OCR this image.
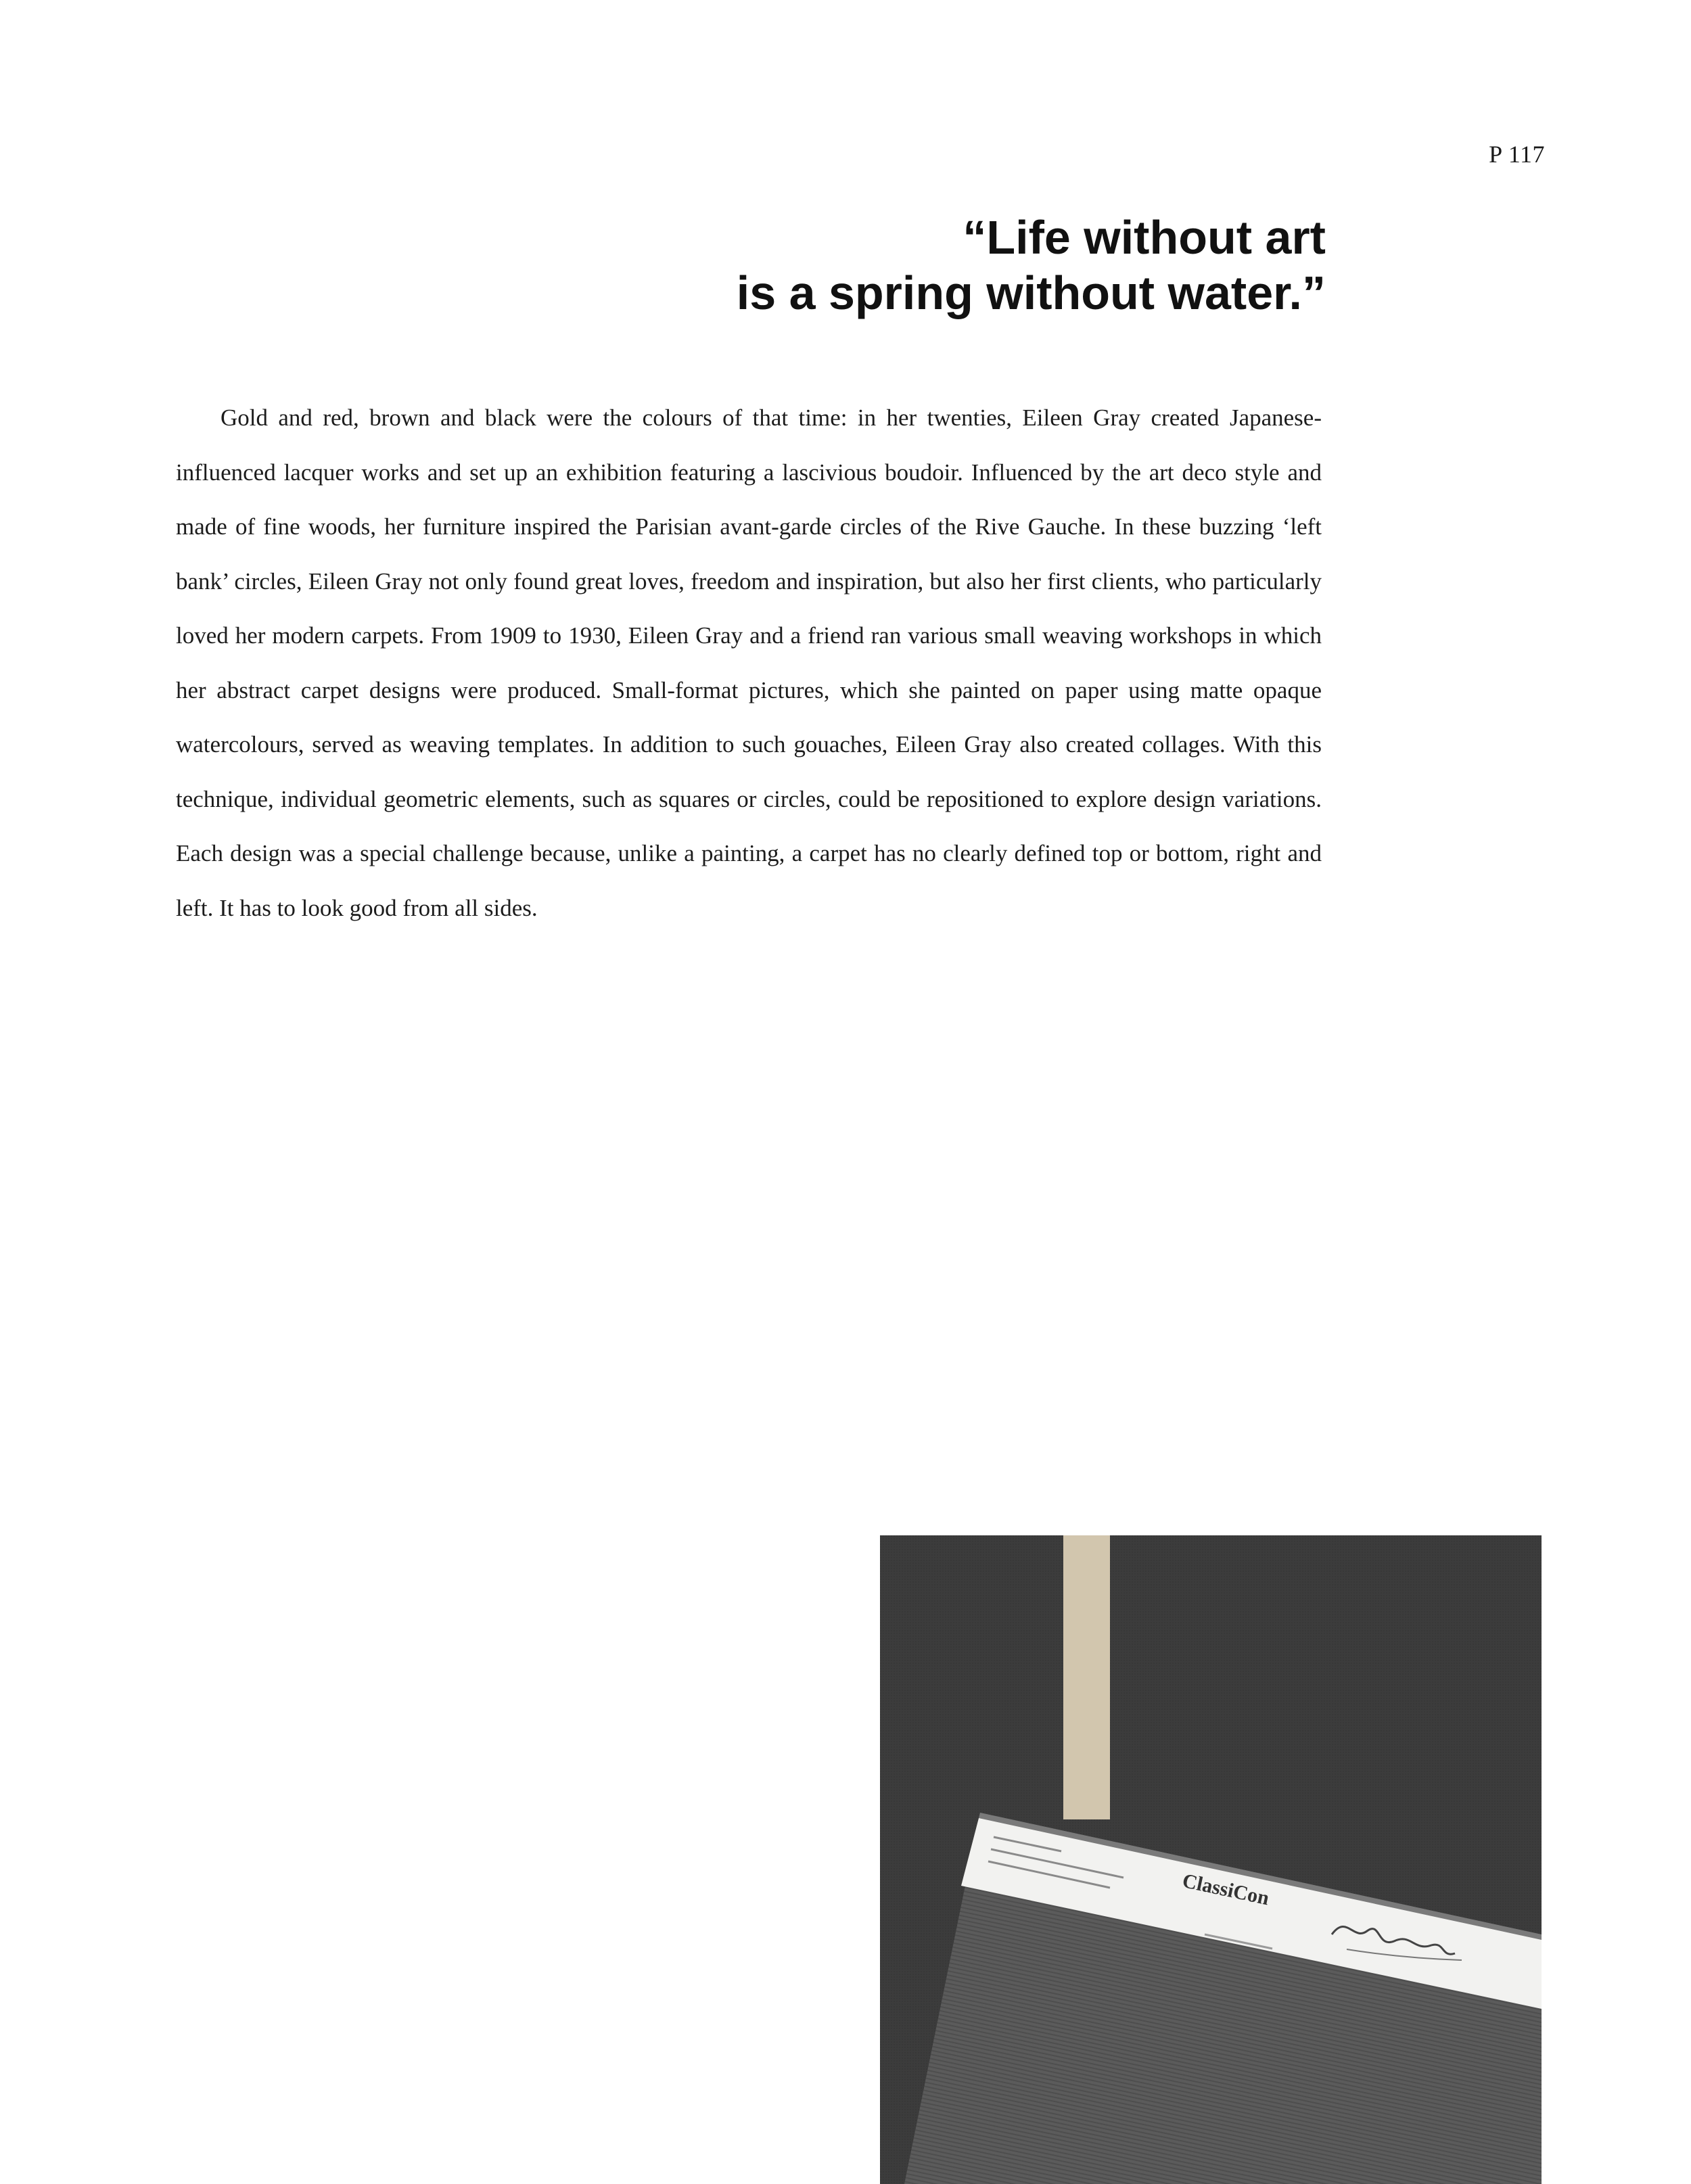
P 117
“Life without art
is a spring without water.”

Gold and red, brown and black were the colours of that time: in her twenties, Eileen Gray created Japanese-influenced lacquer works and set up an exhibition featuring a lascivious boudoir. Influenced by the art deco style and made of fine woods, her furniture inspired the Parisian avant-garde circles of the Rive Gauche. In these buzzing ‘left bank’ circles, Eileen Gray not only found great loves, freedom and inspiration, but also her first clients, who particularly loved her modern carpets. From 1909 to 1930, Eileen Gray and a friend ran various small weaving workshops in which her abstract carpet designs were produced. Small-format pictures, which she painted on paper using matte opaque watercolours, served as weaving templates. In addition to such gouaches, Eileen Gray also created collages. With this technique, individual geometric elements, such as squares or circles, could be repositioned to explore design variations. Each design was a special challenge because, unlike a painting, a carpet has no clearly defined top or bottom, right and left. It has to look good from all sides.

ClassiCon
